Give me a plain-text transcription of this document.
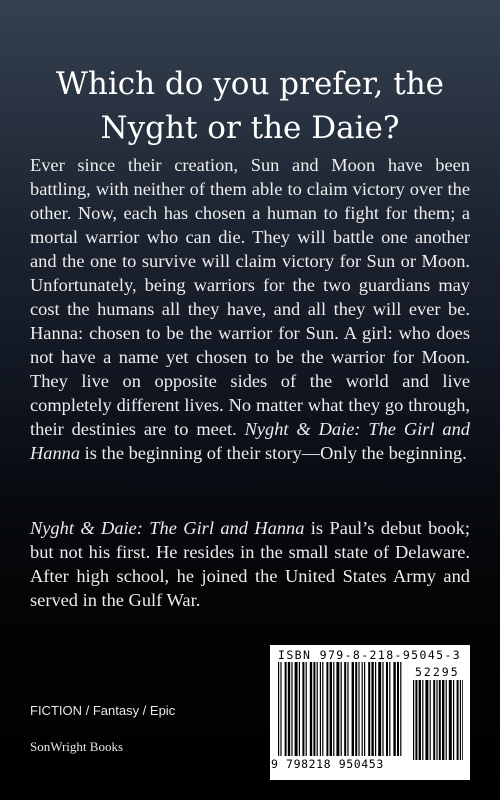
Which do you prefer, the Nyght or the Daie?

Ever since their creation, Sun and Moon have been battling, with neither of them able to claim victory over the other. Now, each has chosen a human to fight for them; a mortal warrior who can die. They will battle one another and the one to survive will claim victory for Sun or Moon. Unfortunately, being warriors for the two guardians may cost the humans all they have, and all they will ever be. Hanna: chosen to be the warrior for Sun. A girl: who does not have a name yet chosen to be the warrior for Moon. They live on opposite sides of the world and live completely different lives. No matter what they go through, their destinies are to meet. Nyght & Daie: The Girl and Hanna is the beginning of their story—Only the beginning.

Nyght & Daie: The Girl and Hanna is Paul’s debut book; but not his first. He resides in the small state of Delaware. After high school, he joined the United States Army and served in the Gulf War.

FICTION / Fantasy / Epic
SonWright Books
ISBN 979-8-218-95045-3
52295
9 798218 950453
